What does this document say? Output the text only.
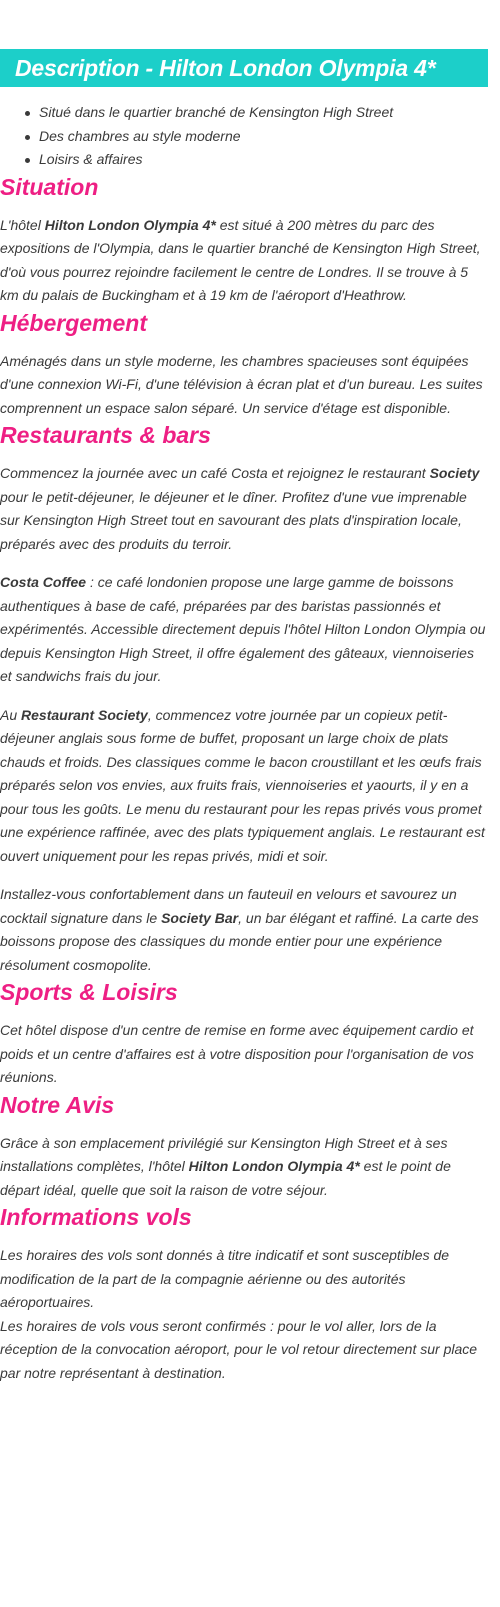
Description - Hilton London Olympia 4*
Situé dans le quartier branché de Kensington High Street
Des chambres au style moderne
Loisirs & affaires
Situation

L'hôtel Hilton London Olympia 4* est situé à 200 mètres du parc des expositions de l'Olympia, dans le quartier branché de Kensington High Street, d'où vous pourrez rejoindre facilement le centre de Londres. Il se trouve à 5 km du palais de Buckingham et à 19 km de l'aéroport d'Heathrow.

Hébergement

Aménagés dans un style moderne, les chambres spacieuses sont équipées d'une connexion Wi-Fi, d'une télévision à écran plat et d'un bureau. Les suites comprennent un espace salon séparé. Un service d'étage est disponible.

Restaurants & bars

Commencez la journée avec un café Costa et rejoignez le restaurant Society pour le petit-déjeuner, le déjeuner et le dîner. Profitez d'une vue imprenable sur Kensington High Street tout en savourant des plats d'inspiration locale, préparés avec des produits du terroir.

Costa Coffee : ce café londonien propose une large gamme de boissons authentiques à base de café, préparées par des baristas passionnés et expérimentés. Accessible directement depuis l'hôtel Hilton London Olympia ou depuis Kensington High Street, il offre également des gâteaux, viennoiseries et sandwichs frais du jour.

Au Restaurant Society, commencez votre journée par un copieux petit-déjeuner anglais sous forme de buffet, proposant un large choix de plats chauds et froids. Des classiques comme le bacon croustillant et les œufs frais préparés selon vos envies, aux fruits frais, viennoiseries et yaourts, il y en a pour tous les goûts. Le menu du restaurant pour les repas privés vous promet une expérience raffinée, avec des plats typiquement anglais. Le restaurant est ouvert uniquement pour les repas privés, midi et soir.

Installez-vous confortablement dans un fauteuil en velours et savourez un cocktail signature dans le Society Bar, un bar élégant et raffiné. La carte des boissons propose des classiques du monde entier pour une expérience résolument cosmopolite.

Sports & Loisirs

Cet hôtel dispose d'un centre de remise en forme avec équipement cardio et poids et un centre d'affaires est à votre disposition pour l'organisation de vos réunions.

Notre Avis

Grâce à son emplacement privilégié sur Kensington High Street et à ses installations complètes, l'hôtel Hilton London Olympia 4* est le point de départ idéal, quelle que soit la raison de votre séjour.

Informations vols

Les horaires des vols sont donnés à titre indicatif et sont susceptibles de modification de la part de la compagnie aérienne ou des autorités aéroportuaires.

Les horaires de vols vous seront confirmés : pour le vol aller, lors de la réception de la convocation aéroport, pour le vol retour directement sur place par notre représentant à destination.
